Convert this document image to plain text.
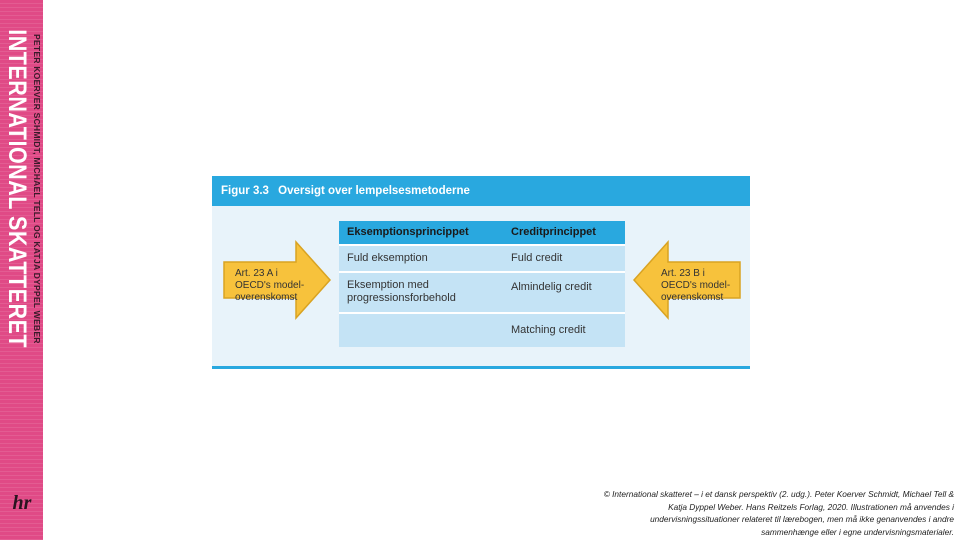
PETER KOERVER SCHMIDT, MICHAEL TELL OG KATJA DYPPEL WEBER
INTERNATIONAL SKATTERET
hr
Figur 3.3 Oversigt over lempelsesmetoderne
Art. 23 A i OECD's model-overenskomst
Art. 23 B i OECD's model-overenskomst
Eksemptionsprincippet	Creditprincippet
Fuld eksemption	Fuld credit
Eksemption med progressionsforbehold
Almindelig credit
Matching credit
© International skatteret – i et dansk perspektiv (2. udg.). Peter Koerver Schmidt, Michael Tell & Katja Dyppel Weber. Hans Reitzels Forlag, 2020. Illustrationen må anvendes i undervisningssituationer relateret til lærebogen, men må ikke genanvendes i andre sammenhænge eller i egne undervisningsmaterialer.
